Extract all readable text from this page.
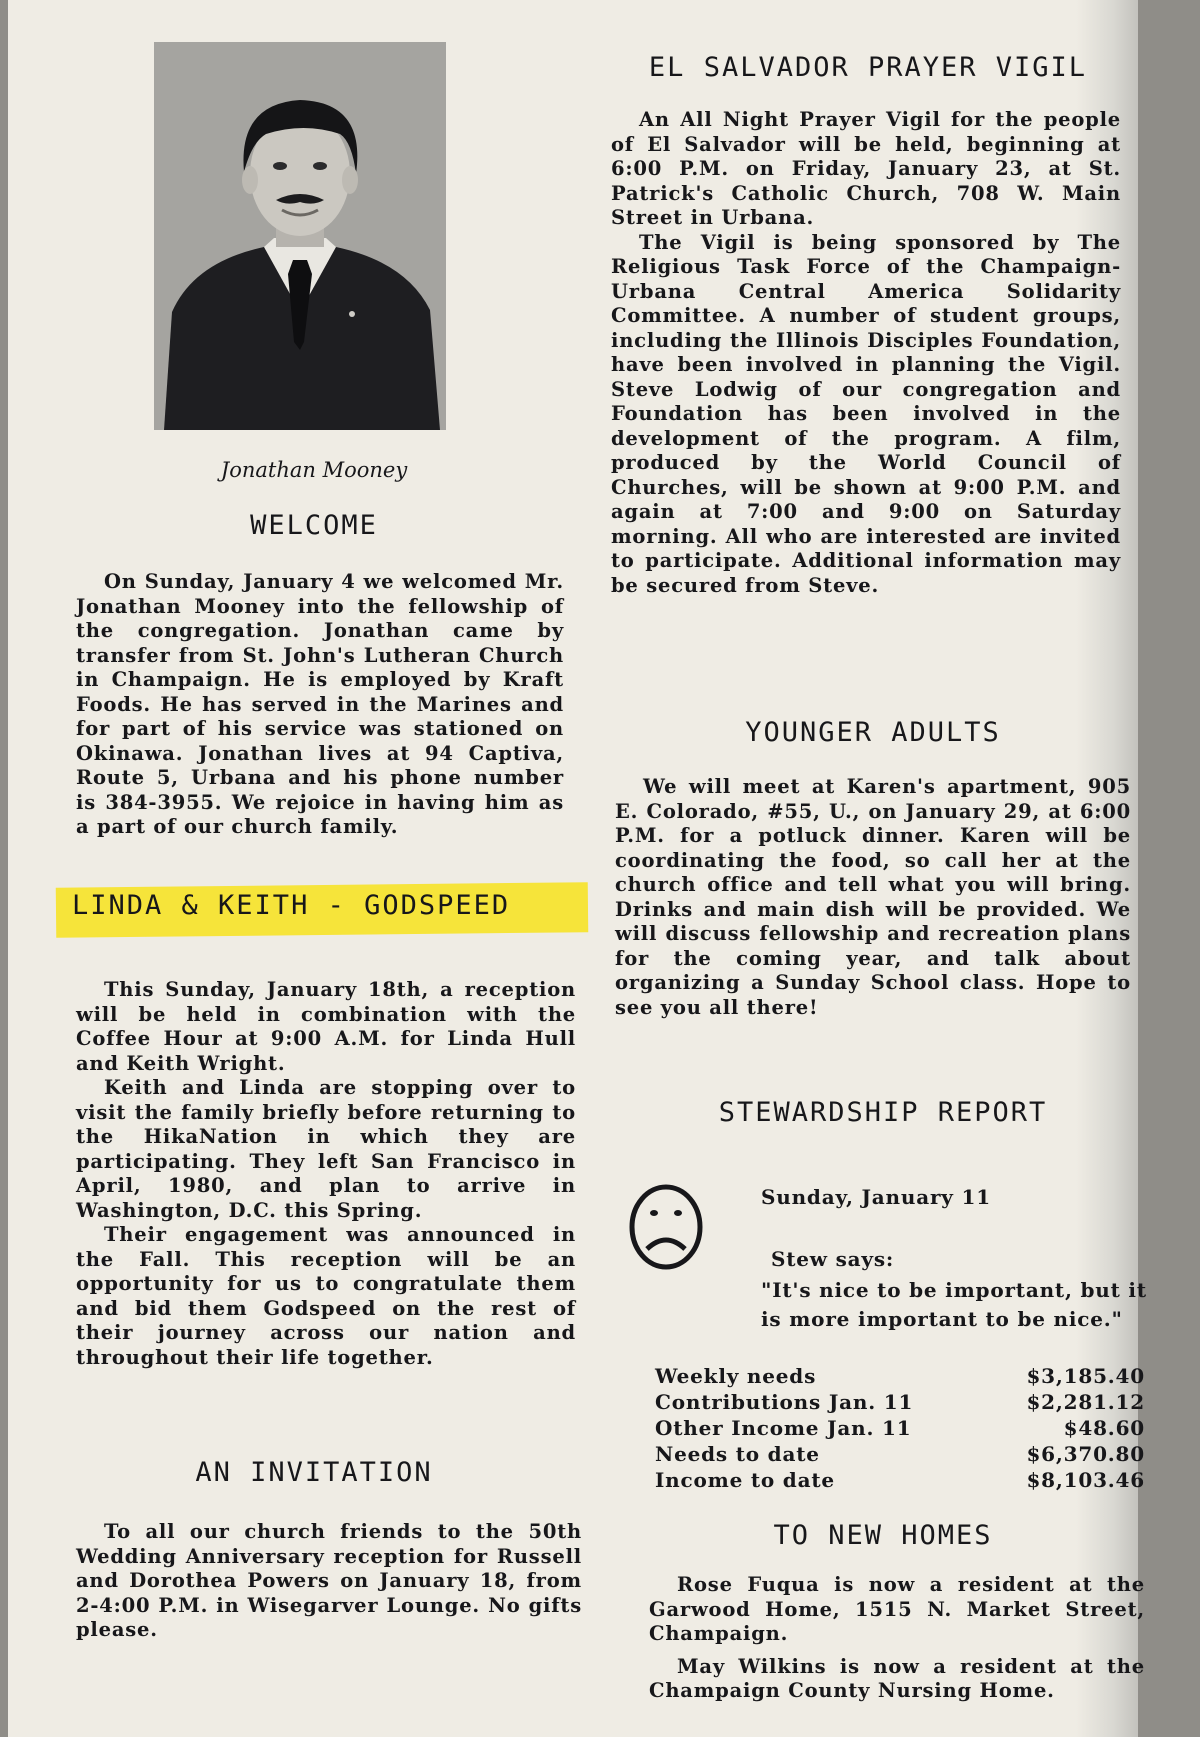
Jonathan Mooney
WELCOME

On Sunday, January 4 we welcomed Mr. Jonathan Mooney into the fellowship of the congregation. Jonathan came by transfer from St. John's Lutheran Church in Champaign. He is employed by Kraft Foods. He has served in the Marines and for part of his service was stationed on Okinawa. Jonathan lives at 94 Captiva, Route 5, Urbana and his phone number is 384-3955. We rejoice in having him as a part of our church family.

LINDA & KEITH - GODSPEED

This Sunday, January 18th, a reception will be held in combination with the Coffee Hour at 9:00 A.M. for Linda Hull and Keith Wright.

Keith and Linda are stopping over to visit the family briefly before returning to the HikaNation in which they are participating. They left San Francisco in April, 1980, and plan to arrive in Washington, D.C. this Spring.

Their engagement was announced in the Fall. This reception will be an opportunity for us to congratulate them and bid them Godspeed on the rest of their journey across our nation and throughout their life together.

AN INVITATION

To all our church friends to the 50th Wedding Anniversary reception for Russell and Dorothea Powers on January 18, from 2-4:00 P.M. in Wisegarver Lounge. No gifts please.

EL SALVADOR PRAYER VIGIL

An All Night Prayer Vigil for the people of El Salvador will be held, beginning at 6:00 P.M. on Friday, January 23, at St. Patrick's Catholic Church, 708 W. Main Street in Urbana.

The Vigil is being sponsored by The Religious Task Force of the Champaign-Urbana Central America Solidarity Committee. A number of student groups, including the Illinois Disciples Foundation, have been involved in planning the Vigil. Steve Lodwig of our congregation and Foundation has been involved in the development of the program. A film, produced by the World Council of Churches, will be shown at 9:00 P.M. and again at 7:00 and 9:00 on Saturday morning. All who are interested are invited to participate. Additional information may be secured from Steve.

YOUNGER ADULTS

We will meet at Karen's apartment, 905 E. Colorado, #55, U., on January 29, at 6:00 P.M. for a potluck dinner. Karen will be coordinating the food, so call her at the church office and tell what you will bring. Drinks and main dish will be provided. We will discuss fellowship and recreation plans for the coming year, and talk about organizing a Sunday School class. Hope to see you all there!

STEWARDSHIP REPORT
Sunday, January 11
Stew says:
"It's nice to be important, but it is more important to be nice."
Weekly needs	$3,185.40
Contributions Jan. 11	$2,281.12
Other Income Jan. 11	$48.60
Needs to date	$6,370.80
Income to date	$8,103.46
TO NEW HOMES

Rose Fuqua is now a resident at the Garwood Home, 1515 N. Market Street, Champaign.

May Wilkins is now a resident at the Champaign County Nursing Home.
